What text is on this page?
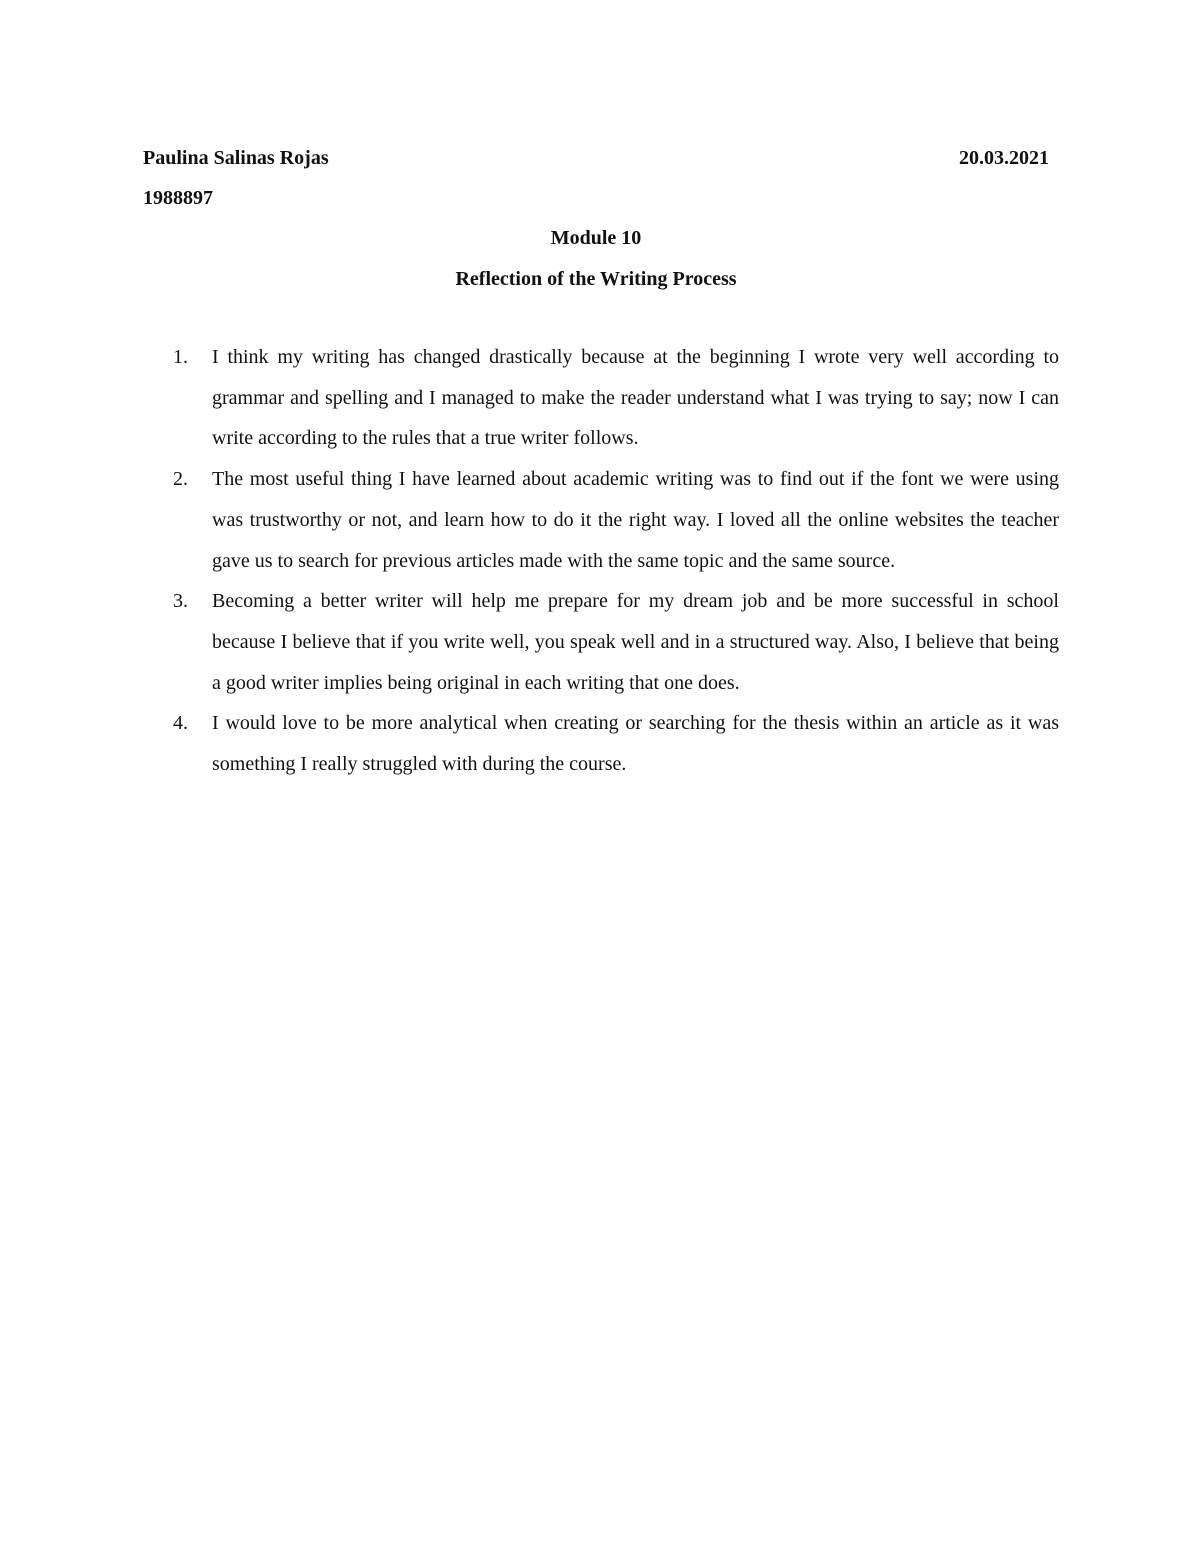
Paulina Salinas Rojas	20.03.2021
1988897
Module 10
Reflection of the Writing Process
1. I think my writing has changed drastically because at the beginning I wrote very well according to grammar and spelling and I managed to make the reader understand what I was trying to say; now I can write according to the rules that a true writer follows.
2. The most useful thing I have learned about academic writing was to find out if the font we were using was trustworthy or not, and learn how to do it the right way. I loved all the online websites the teacher gave us to search for previous articles made with the same topic and the same source.
3. Becoming a better writer will help me prepare for my dream job and be more successful in school because I believe that if you write well, you speak well and in a structured way. Also, I believe that being a good writer implies being original in each writing that one does.
4. I would love to be more analytical when creating or searching for the thesis within an article as it was something I really struggled with during the course.
